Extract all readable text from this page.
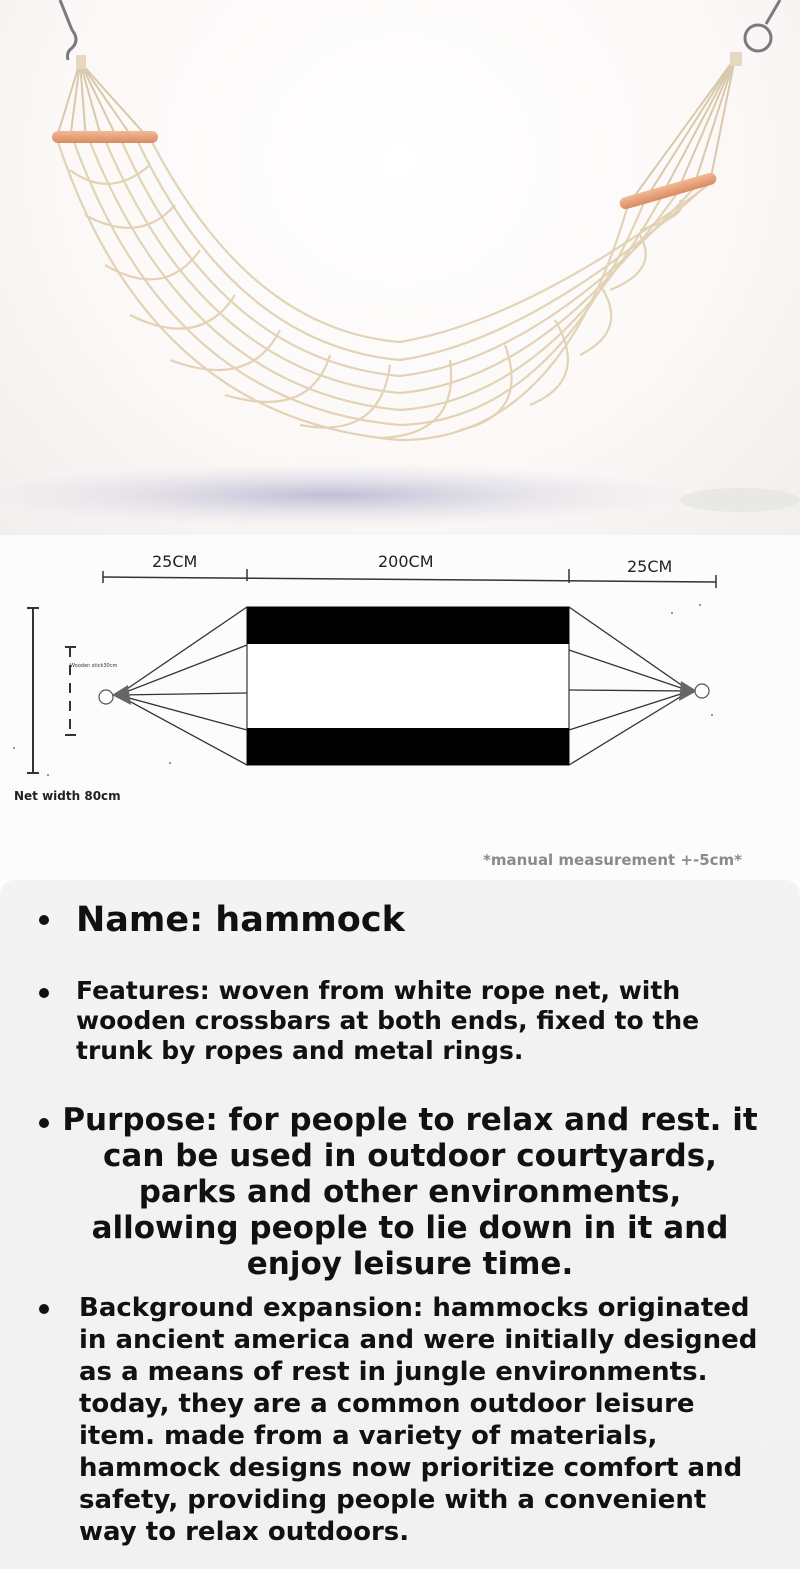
25CM	200CM	25CM
Wooden stick30cm
Net width 80cm
*manual measurement +-5cm*
Name: hammock
Features: woven from white rope net, with wooden crossbars at both ends, fixed to the trunk by ropes and metal rings.
Purpose: for people to relax and rest. it can be used in outdoor courtyards, parks and other environments, allowing people to lie down in it and enjoy leisure time.
Background expansion: hammocks originated in ancient america and were initially designed as a means of rest in jungle environments. today, they are a common outdoor leisure item. made from a variety of materials, hammock designs now prioritize comfort and safety, providing people with a convenient way to relax outdoors.
